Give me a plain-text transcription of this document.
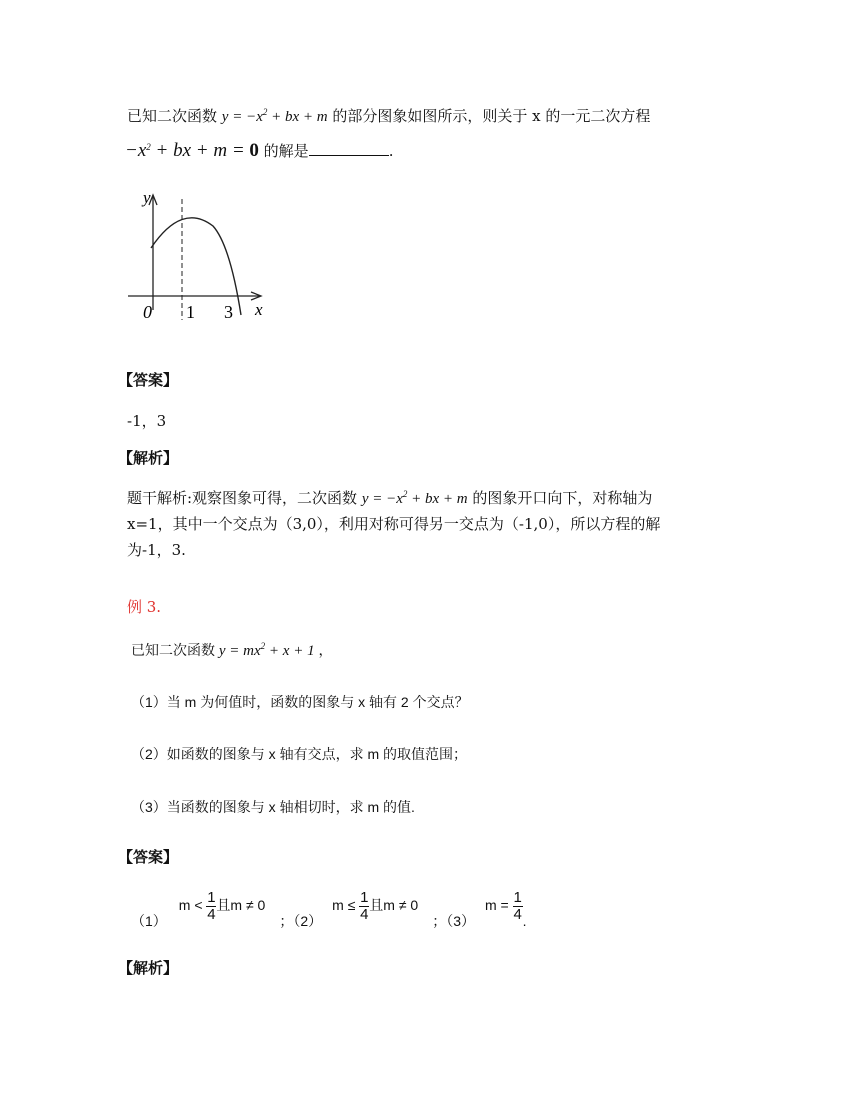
已知二次函数 $y = -x^2$ + bx + m 的部分图象如图所示，则关于 x 的一元二次方程
$-x^2$ + bx + m = 0 的解是	.
y
x
0 1 3
【答案】
-1，3
【解析】
题干解析:观察图象可得，二次函数 $y = -x^2$ + bx + m 的图象开口向下，对称轴为
x=1，其中一个交点为（3,0），利用对称可得另一交点为（-1,0），所以方程的解
为-1，3.
例 3.
已知二次函数 $y = mx^2 + x + 1$ ，
（1）当 m 为何值时，函数的图象与 x 轴有 2 个交点？
（2）如函数的图象与 x 轴有交点，求 m 的取值范围；
（3）当函数的图象与 x 轴相切时，求 m 的值.
【答案】
（1）
$m < \frac{1}{4}$ 且m ≠ 0
；（2）
$m \le \frac{1}{4}$ 且m ≠ 0
；（3）
$m = \frac{1}{4}$ .
【解析】
